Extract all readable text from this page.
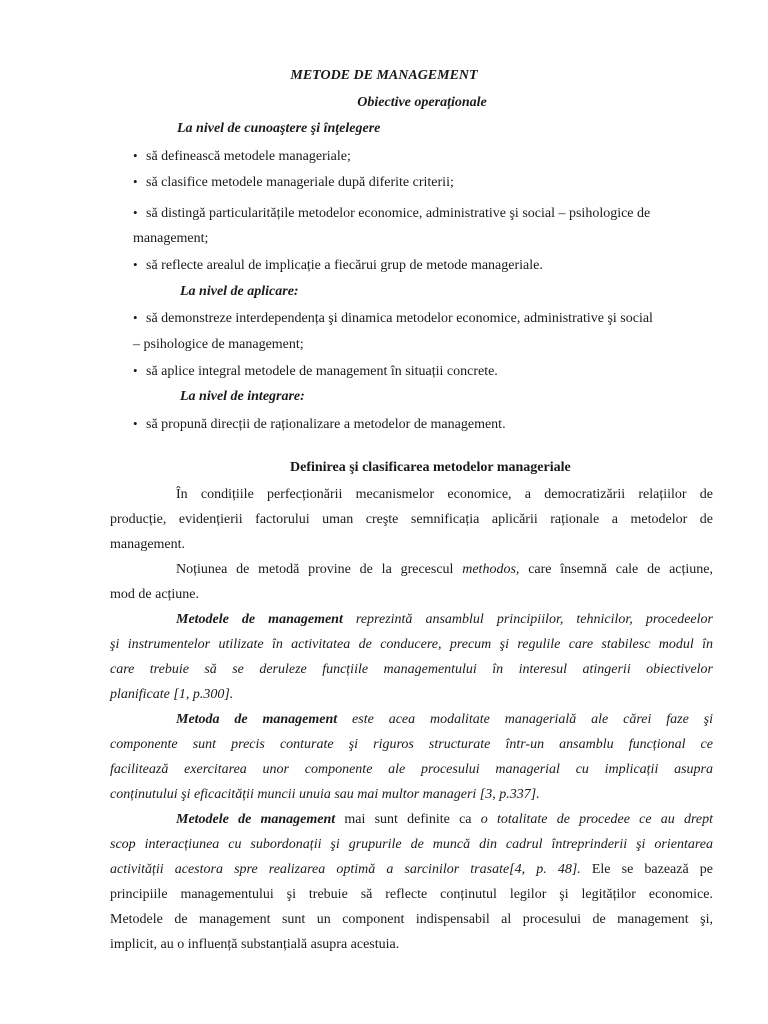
METODE DE MANAGEMENT
Obiective operaționale
La nivel de cunoaştere şi înţelegere
• să definească metodele manageriale;
• să clasifice metodele manageriale după diferite criterii;
• să distingă particularitățile metodelor economice, administrative şi social – psihologice de
management;
• să reflecte arealul de implicație a fiecărui grup de metode manageriale.
La nivel de aplicare:
• să demonstreze interdependența şi dinamica metodelor economice, administrative şi social
– psihologice de management;
• să aplice integral metodele de management în situații concrete.
La nivel de integrare:
• să propună direcții de raționalizare a metodelor de management.
Definirea şi clasificarea metodelor manageriale
În condițiile perfecționării mecanismelor economice, a democratizării relațiilor de
producție, evidențierii factorului uman creşte semnificația aplicării raționale a metodelor de
management.
Noțiunea de metodă provine de la grecescul methodos, care însemnă cale de acțiune,
mod de acțiune.
Metodele de management reprezintă ansamblul principiilor, tehnicilor, procedeelor
şi instrumentelor utilizate în activitatea de conducere, precum şi regulile care stabilesc modul în
care trebuie să se deruleze funcțiile managementului în interesul atingerii obiectivelor
planificate [1, p.300].
Metoda de management este acea modalitate managerială ale cărei faze şi
componente sunt precis conturate şi riguros structurate într-un ansamblu funcțional ce
facilitează exercitarea unor componente ale procesului managerial cu implicații asupra
conținutului şi eficacității muncii unuia sau mai multor manageri [3, p.337].
Metodele de management mai sunt definite ca o totalitate de procedee ce au drept
scop interacțiunea cu subordonații şi grupurile de muncă din cadrul întreprinderii şi orientarea
activității acestora spre realizarea optimă a sarcinilor trasate[4, p. 48]. Ele se bazează pe
principiile managementului şi trebuie să reflecte conținutul legilor şi legităților economice.
Metodele de management sunt un component indispensabil al procesului de management şi,
implicit, au o influență substanțială asupra acestuia.
